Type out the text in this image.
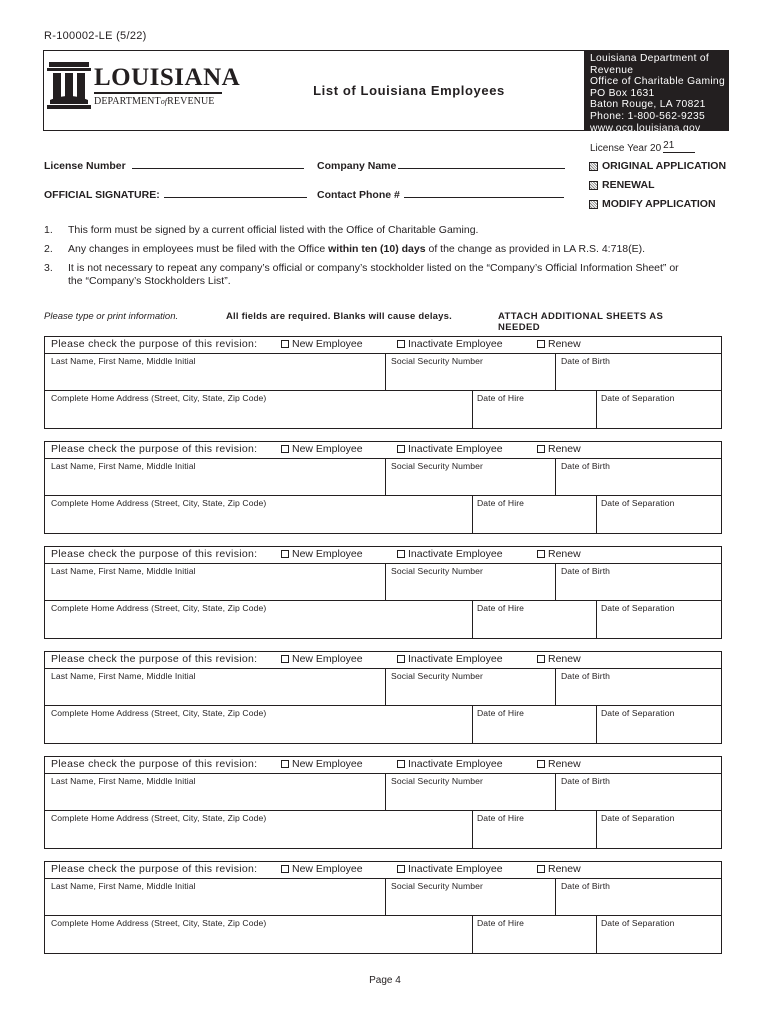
R-100002-LE (5/22)
LOUISIANA
DEPARTMENTofREVENUE
List of Louisiana Employees
Louisiana Department of Revenue
Office of Charitable Gaming
PO Box 1631
Baton Rouge, LA 70821
Phone: 1-800-562-9235
www.ocg.louisiana.gov
License Year 20 21
License Number	Company Name
OFFICIAL SIGNATURE:	Contact Phone #
ORIGINAL APPLICATION
RENEWAL
MODIFY APPLICATION
1. This form must be signed by a current official listed with the Office of Charitable Gaming.
2. Any changes in employees must be filed with the Office within ten (10) days of the change as provided in LA R.S. 4:718(E).
3. It is not necessary to repeat any company’s official or company’s stockholder listed on the “Company’s Official Information Sheet” or the “Company’s Stockholders List”.
Please type or print information.	All fields are required. Blanks will cause delays.	ATTACH ADDITIONAL SHEETS AS NEEDED
Please check the purpose of this revision:	New Employee	Inactivate Employee	Renew
Last Name, First Name, Middle Initial	Social Security Number	Date of Birth
Complete Home Address (Street, City, State, Zip Code)	Date of Hire	Date of Separation
Please check the purpose of this revision:	New Employee	Inactivate Employee	Renew
Last Name, First Name, Middle Initial	Social Security Number	Date of Birth
Complete Home Address (Street, City, State, Zip Code)	Date of Hire	Date of Separation
Please check the purpose of this revision:	New Employee	Inactivate Employee	Renew
Last Name, First Name, Middle Initial	Social Security Number	Date of Birth
Complete Home Address (Street, City, State, Zip Code)	Date of Hire	Date of Separation
Please check the purpose of this revision:	New Employee	Inactivate Employee	Renew
Last Name, First Name, Middle Initial	Social Security Number	Date of Birth
Complete Home Address (Street, City, State, Zip Code)	Date of Hire	Date of Separation
Please check the purpose of this revision:	New Employee	Inactivate Employee	Renew
Last Name, First Name, Middle Initial	Social Security Number	Date of Birth
Complete Home Address (Street, City, State, Zip Code)	Date of Hire	Date of Separation
Please check the purpose of this revision:	New Employee	Inactivate Employee	Renew
Last Name, First Name, Middle Initial	Social Security Number	Date of Birth
Complete Home Address (Street, City, State, Zip Code)	Date of Hire	Date of Separation
Page 4
